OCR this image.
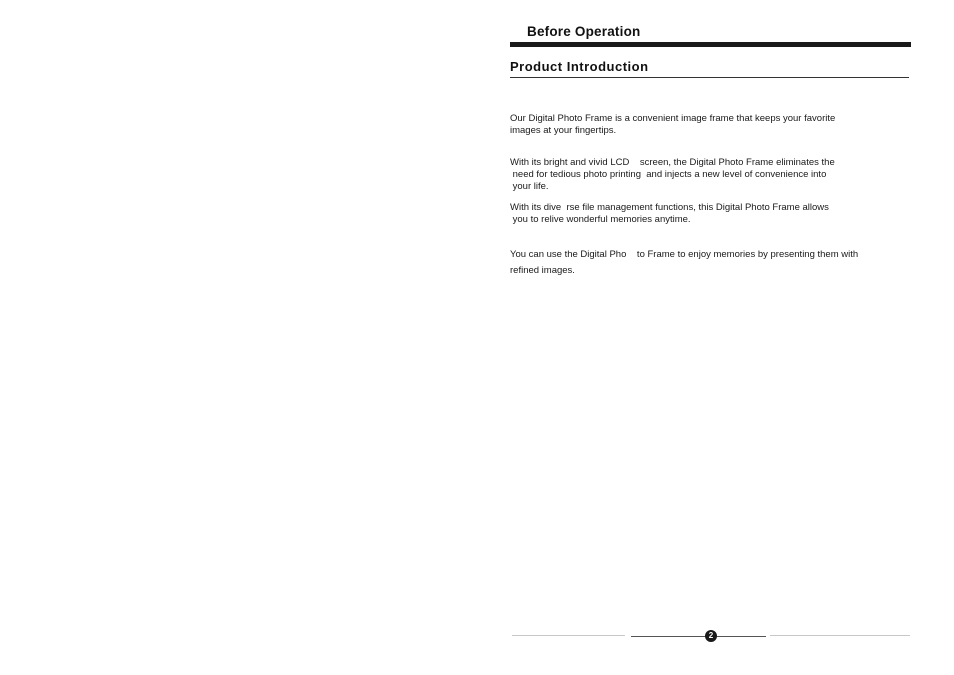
Before Operation
Product Introduction

Our Digital Photo Frame is a convenient image frame that keeps your favorite
images at your fingertips.

With its bright and vivid LCD    screen, the Digital Photo Frame eliminates the
need for tedious photo printing  and injects a new level of convenience into
your life.

With its dive  rse file management functions, this Digital Photo Frame allows
you to relive wonderful memories anytime.

You can use the Digital Pho    to Frame to enjoy memories by presenting them with
refined images.

2
